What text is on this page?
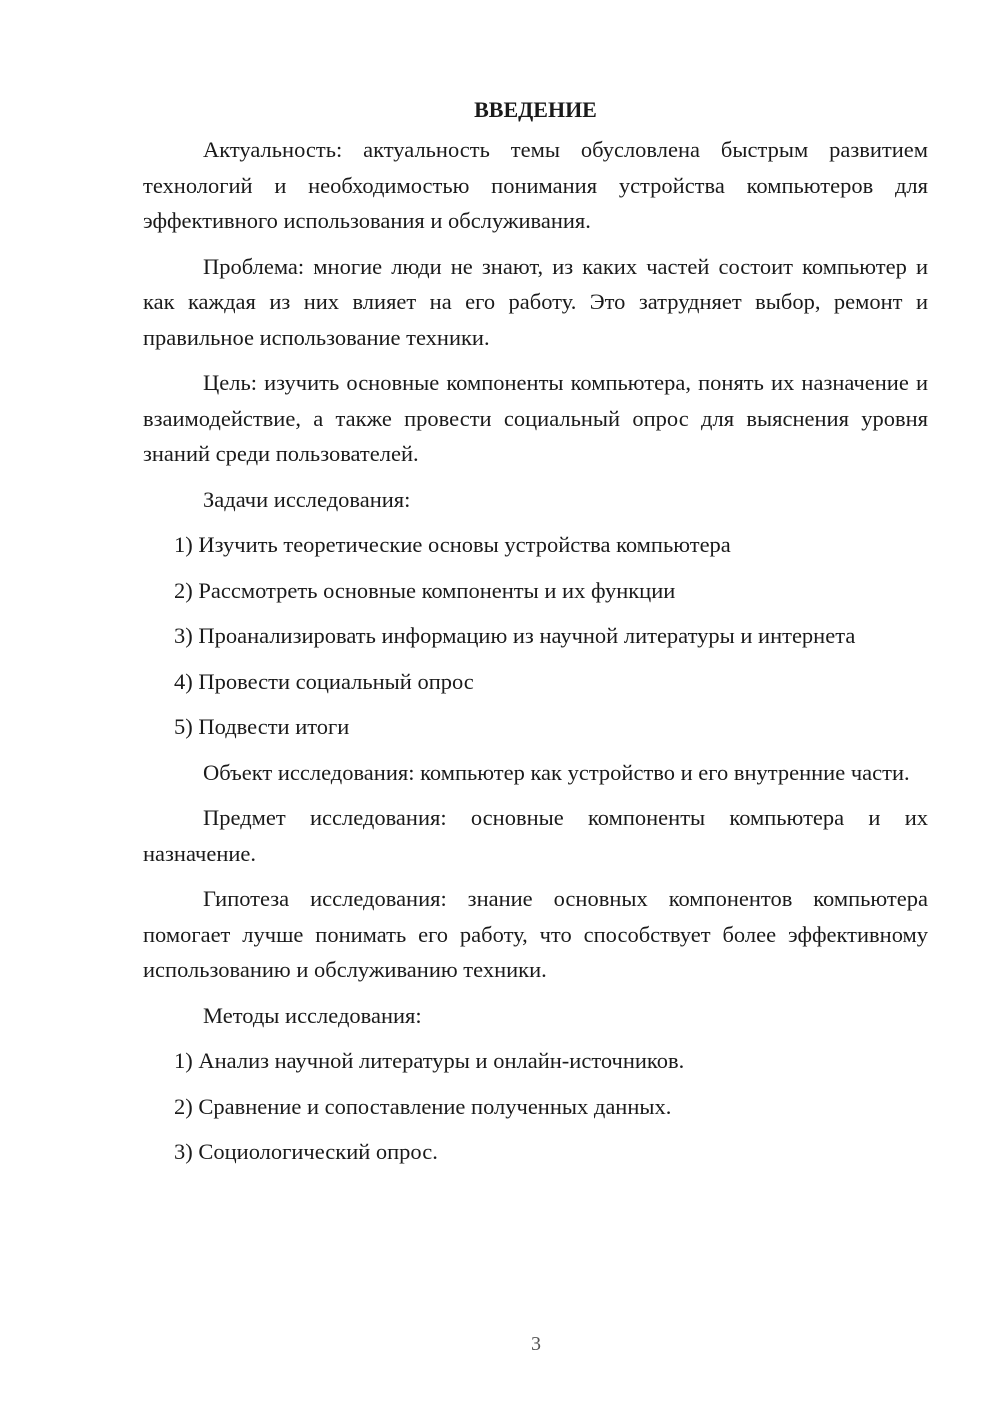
ВВЕДЕНИЕ

Актуальность: актуальность темы обусловлена быстрым развитием технологий и необходимостью понимания устройства компьютеров для эффективного использования и обслуживания.

Проблема: многие люди не знают, из каких частей состоит компьютер и как каждая из них влияет на его работу. Это затрудняет выбор, ремонт и правильное использование техники.

Цель: изучить основные компоненты компьютера, понять их назначение и взаимодействие, а также провести социальный опрос для выяснения уровня знаний среди пользователей.

Задачи исследования:

1) Изучить теоретические основы устройства компьютера

2) Рассмотреть основные компоненты и их функции

3) Проанализировать информацию из научной литературы и интернета

4) Провести социальный опрос

5) Подвести итоги

Объект исследования: компьютер как устройство и его внутренние части.

Предмет исследования: основные компоненты компьютера и их назначение.

Гипотеза исследования: знание основных компонентов компьютера помогает лучше понимать его работу, что способствует более эффективному использованию и обслуживанию техники.

Методы исследования:

1) Анализ научной литературы и онлайн-источников.

2) Сравнение и сопоставление полученных данных.

3) Социологический опрос.

3
